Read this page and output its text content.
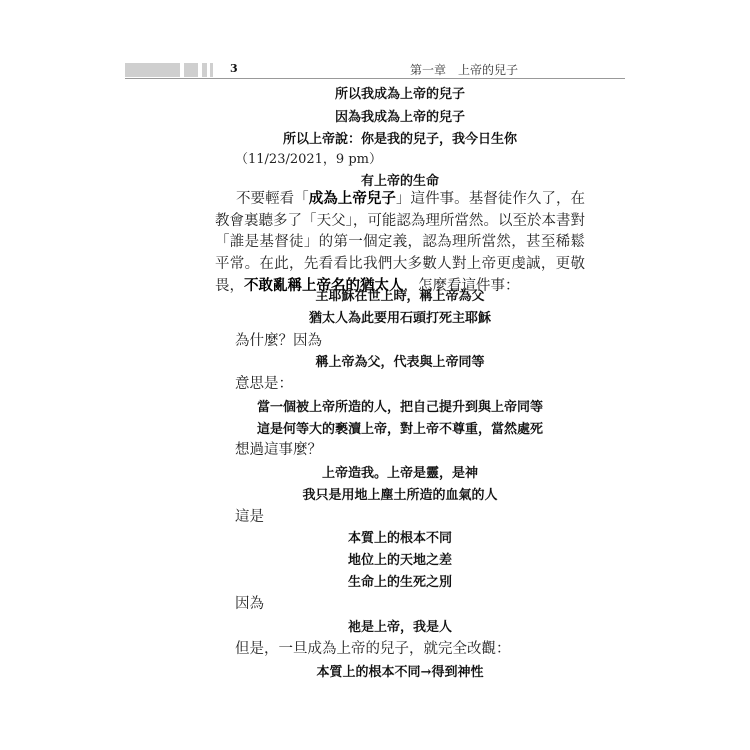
3	第一章　上帝的兒子
所以我成為上帝的兒子
因為我成為上帝的兒子
所以上帝說：你是我的兒子，我今日生你
（11/23/2021，9 pm）
有上帝的生命
不要輕看「成為上帝兒子」這件事。基督徒作久了，在教會裏聽多了「天父」，可能認為理所當然。以至於本書對「誰是基督徒」的第一個定義，認為理所當然，甚至稀鬆平常。在此，先看看比我們大多數人對上帝更虔誠，更敬畏，不敢亂稱上帝名的猶太人，怎麼看這件事：
主耶穌在世上時，稱上帝為父
猶太人為此要用石頭打死主耶穌
為什麼？因為
稱上帝為父，代表與上帝同等
意思是：
當一個被上帝所造的人，把自己提升到與上帝同等
這是何等大的褻瀆上帝，對上帝不尊重，當然處死
想過這事麼？
上帝造我。上帝是靈，是神
我只是用地上塵土所造的血氣的人
這是
本質上的根本不同
地位上的天地之差
生命上的生死之別
因為
祂是上帝，我是人
但是，一旦成為上帝的兒子，就完全改觀：
本質上的根本不同→得到神性
